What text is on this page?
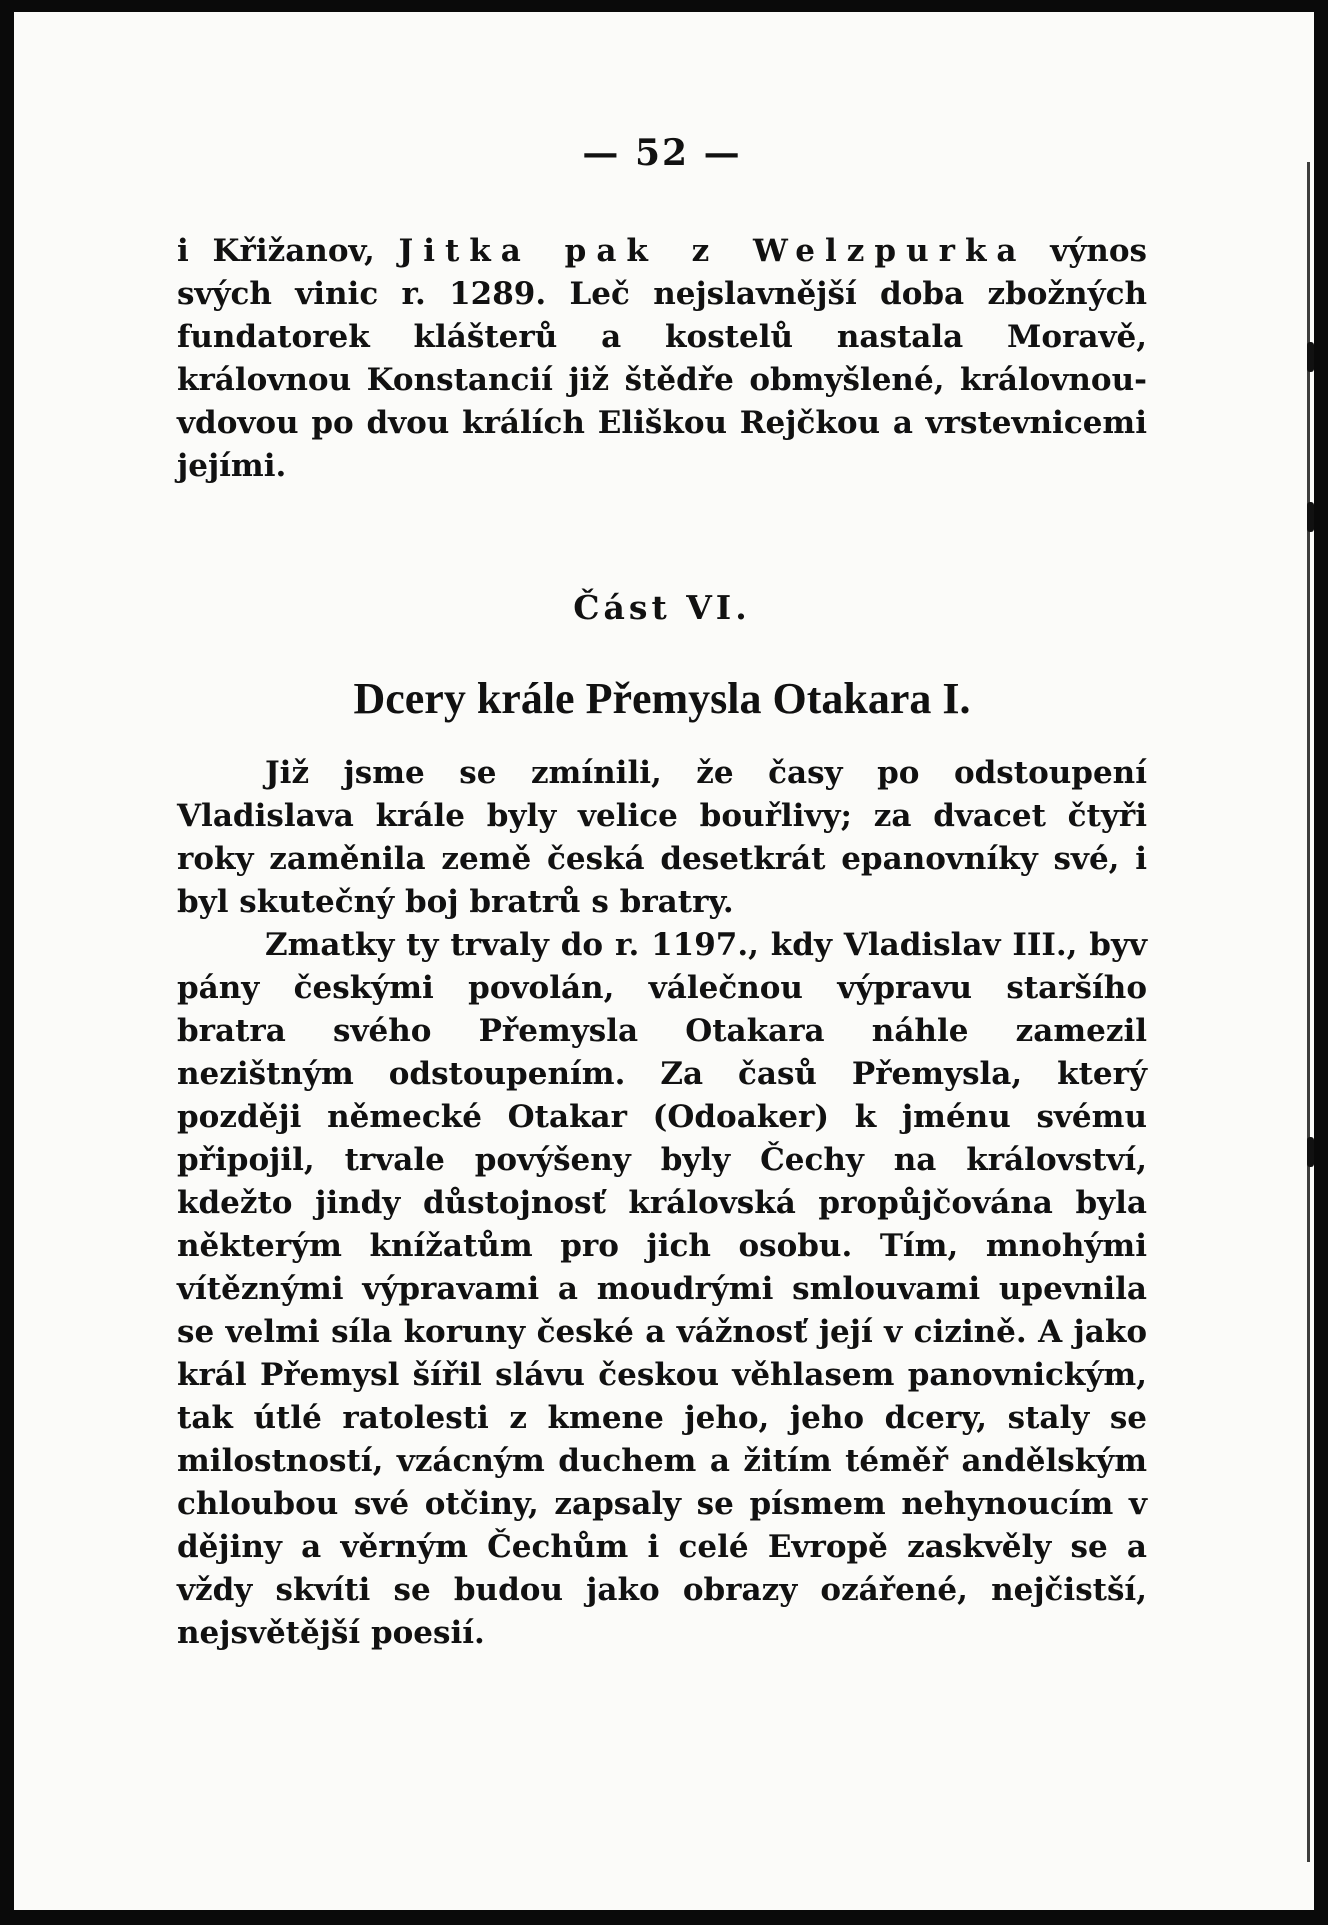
— 52 —

i Křižanov, Jitka pak z Welzpurka výnos svých vinic r. 1289. Leč nejslavnější doba zbožných fundatorek klášterů a kostelů nastala Moravě, královnou Konstancií již štědře obmyšlené, královnou-vdovou po dvou králích Eliškou Rejčkou a vrstevnicemi jejími.

Část VI.
Dcery krále Přemysla Otakara I.

Již jsme se zmínili, že časy po odstoupení Vladislava krále byly velice bouřlivy; za dvacet čtyři roky zaměnila země česká desetkrát epanovníky své, i byl skutečný boj bratrů s bratry.

Zmatky ty trvaly do r. 1197., kdy Vladislav III., byv pány českými povolán, válečnou výpravu staršího bratra svého Přemysla Otakara náhle zamezil nezištným odstoupením. Za časů Přemysla, který později německé Otakar (Odoaker) k jménu svému připojil, trvale povýšeny byly Čechy na království, kdežto jindy důstojnosť královská propůjčována byla některým knížatům pro jich osobu. Tím, mnohými vítěznými výpravami a moudrými smlouvami upevnila se velmi síla koruny české a vážnosť její v cizině. A jako král Přemysl šířil slávu českou věhlasem panovnickým, tak útlé ratolesti z kmene jeho, jeho dcery, staly se milostností, vzácným duchem a žitím téměř andělským chloubou své otčiny, zapsaly se písmem nehynoucím v dějiny a věrným Čechům i celé Evropě zaskvěly se a vždy skvíti se budou jako obrazy ozářené, nejčistší, nejsvětější poesií.
